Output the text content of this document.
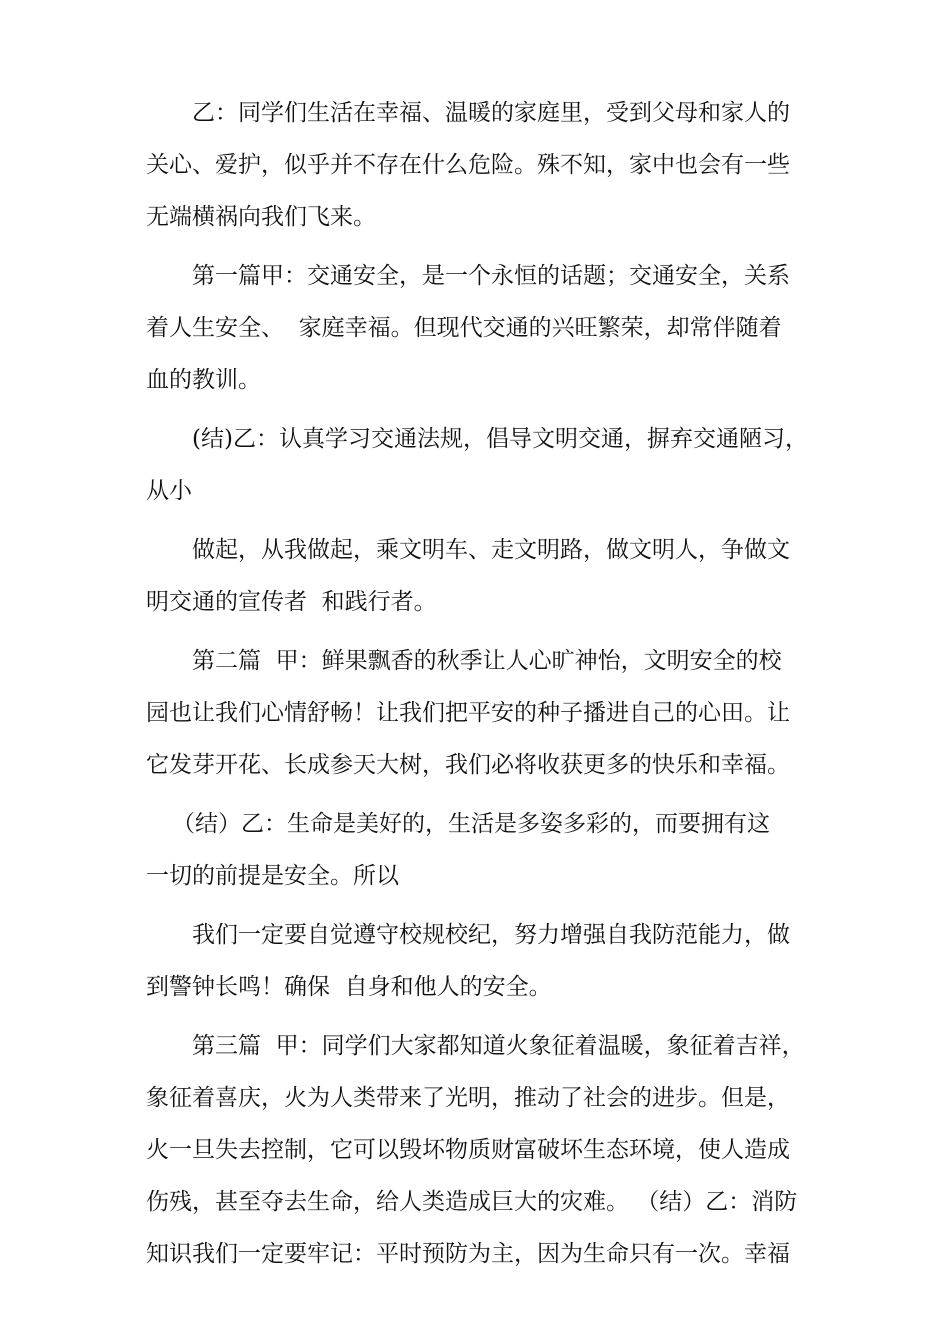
乙：同学们生活在幸福、温暖的家庭里，受到父母和家人的

关心、爱护，似乎并不存在什么危险。殊不知，家中也会有一些

无端横祸向我们飞来。

第一篇甲：交通安全，是一个永恒的话题；交通安全，关系

着人生安全、  家庭幸福。但现代交通的兴旺繁荣，却常伴随着

血的教训。

(结)乙：认真学习交通法规，倡导文明交通，摒弃交通陋习，

从小

做起，从我做起，乘文明车、走文明路，做文明人，争做文

明交通的宣传者  和践行者。

第二篇  甲：鲜果飘香的秋季让人心旷神怡，文明安全的校

园也让我们心情舒畅！让我们把平安的种子播进自己的心田。让

它发芽开花、长成参天大树，我们必将收获更多的快乐和幸福。

（结）乙：生命是美好的，生活是多姿多彩的，而要拥有这

一切的前提是安全。所以

我们一定要自觉遵守校规校纪，努力增强自我防范能力，做

到警钟长鸣！确保  自身和他人的安全。

第三篇  甲：同学们大家都知道火象征着温暖，象征着吉祥，

象征着喜庆，火为人类带来了光明，推动了社会的进步。但是，

火一旦失去控制，它可以毁坏物质财富破坏生态环境，使人造成

伤残，甚至夺去生命，给人类造成巨大的灾难。 （结）乙：消防

知识我们一定要牢记：平时预防为主，因为生命只有一次。幸福
